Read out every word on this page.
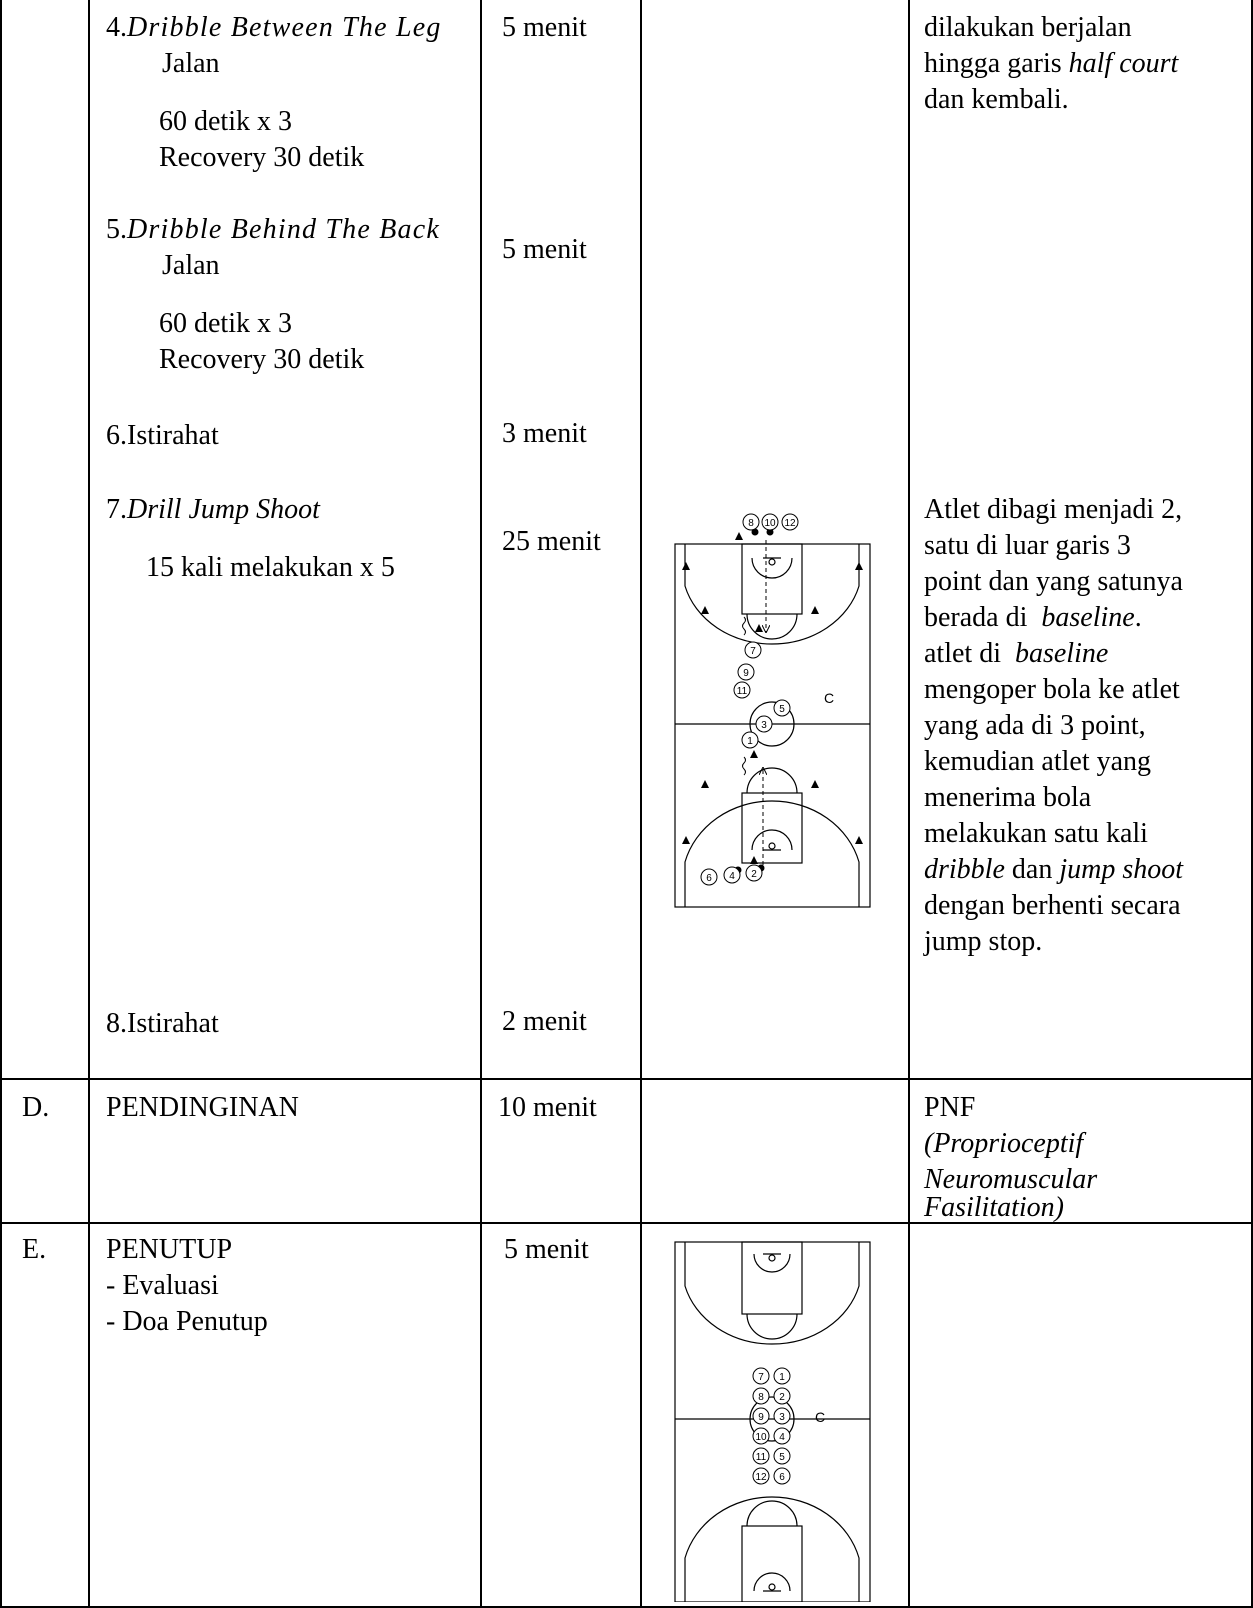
4.Dribble Between The Leg
Jalan
60 detik x 3
Recovery 30 detik
5.Dribble Behind The Back
Jalan
60 detik x 3
Recovery 30 detik
6.Istirahat
7.Drill Jump Shoot
15 kali melakukan x 5
8.Istirahat
5 menit
5 menit
3 menit
25 menit
2 menit
dilakukan berjalan
hingga garis half court
dan kembali.
Atlet dibagi menjadi 2,
satu di luar garis 3
point dan yang satunya
berada di  baseline.
atlet di  baseline
mengoper bola ke atlet
yang ada di 3 point,
kemudian atlet yang
menerima bola
melakukan satu kali
dribble dan jump shoot
dengan berhenti secara
jump stop.
8 10 12
7
9
11
5
3
1
6 4 2
C
D. PENDINGINAN	10 menit	PNF
(Proprioceptif
Neuromuscular
Fasilitation)
E. PENUTUP
- Evaluasi
- Doa Penutup
5 menit
7 1
8 2
9 3
10 4
11 5
12 6
C
